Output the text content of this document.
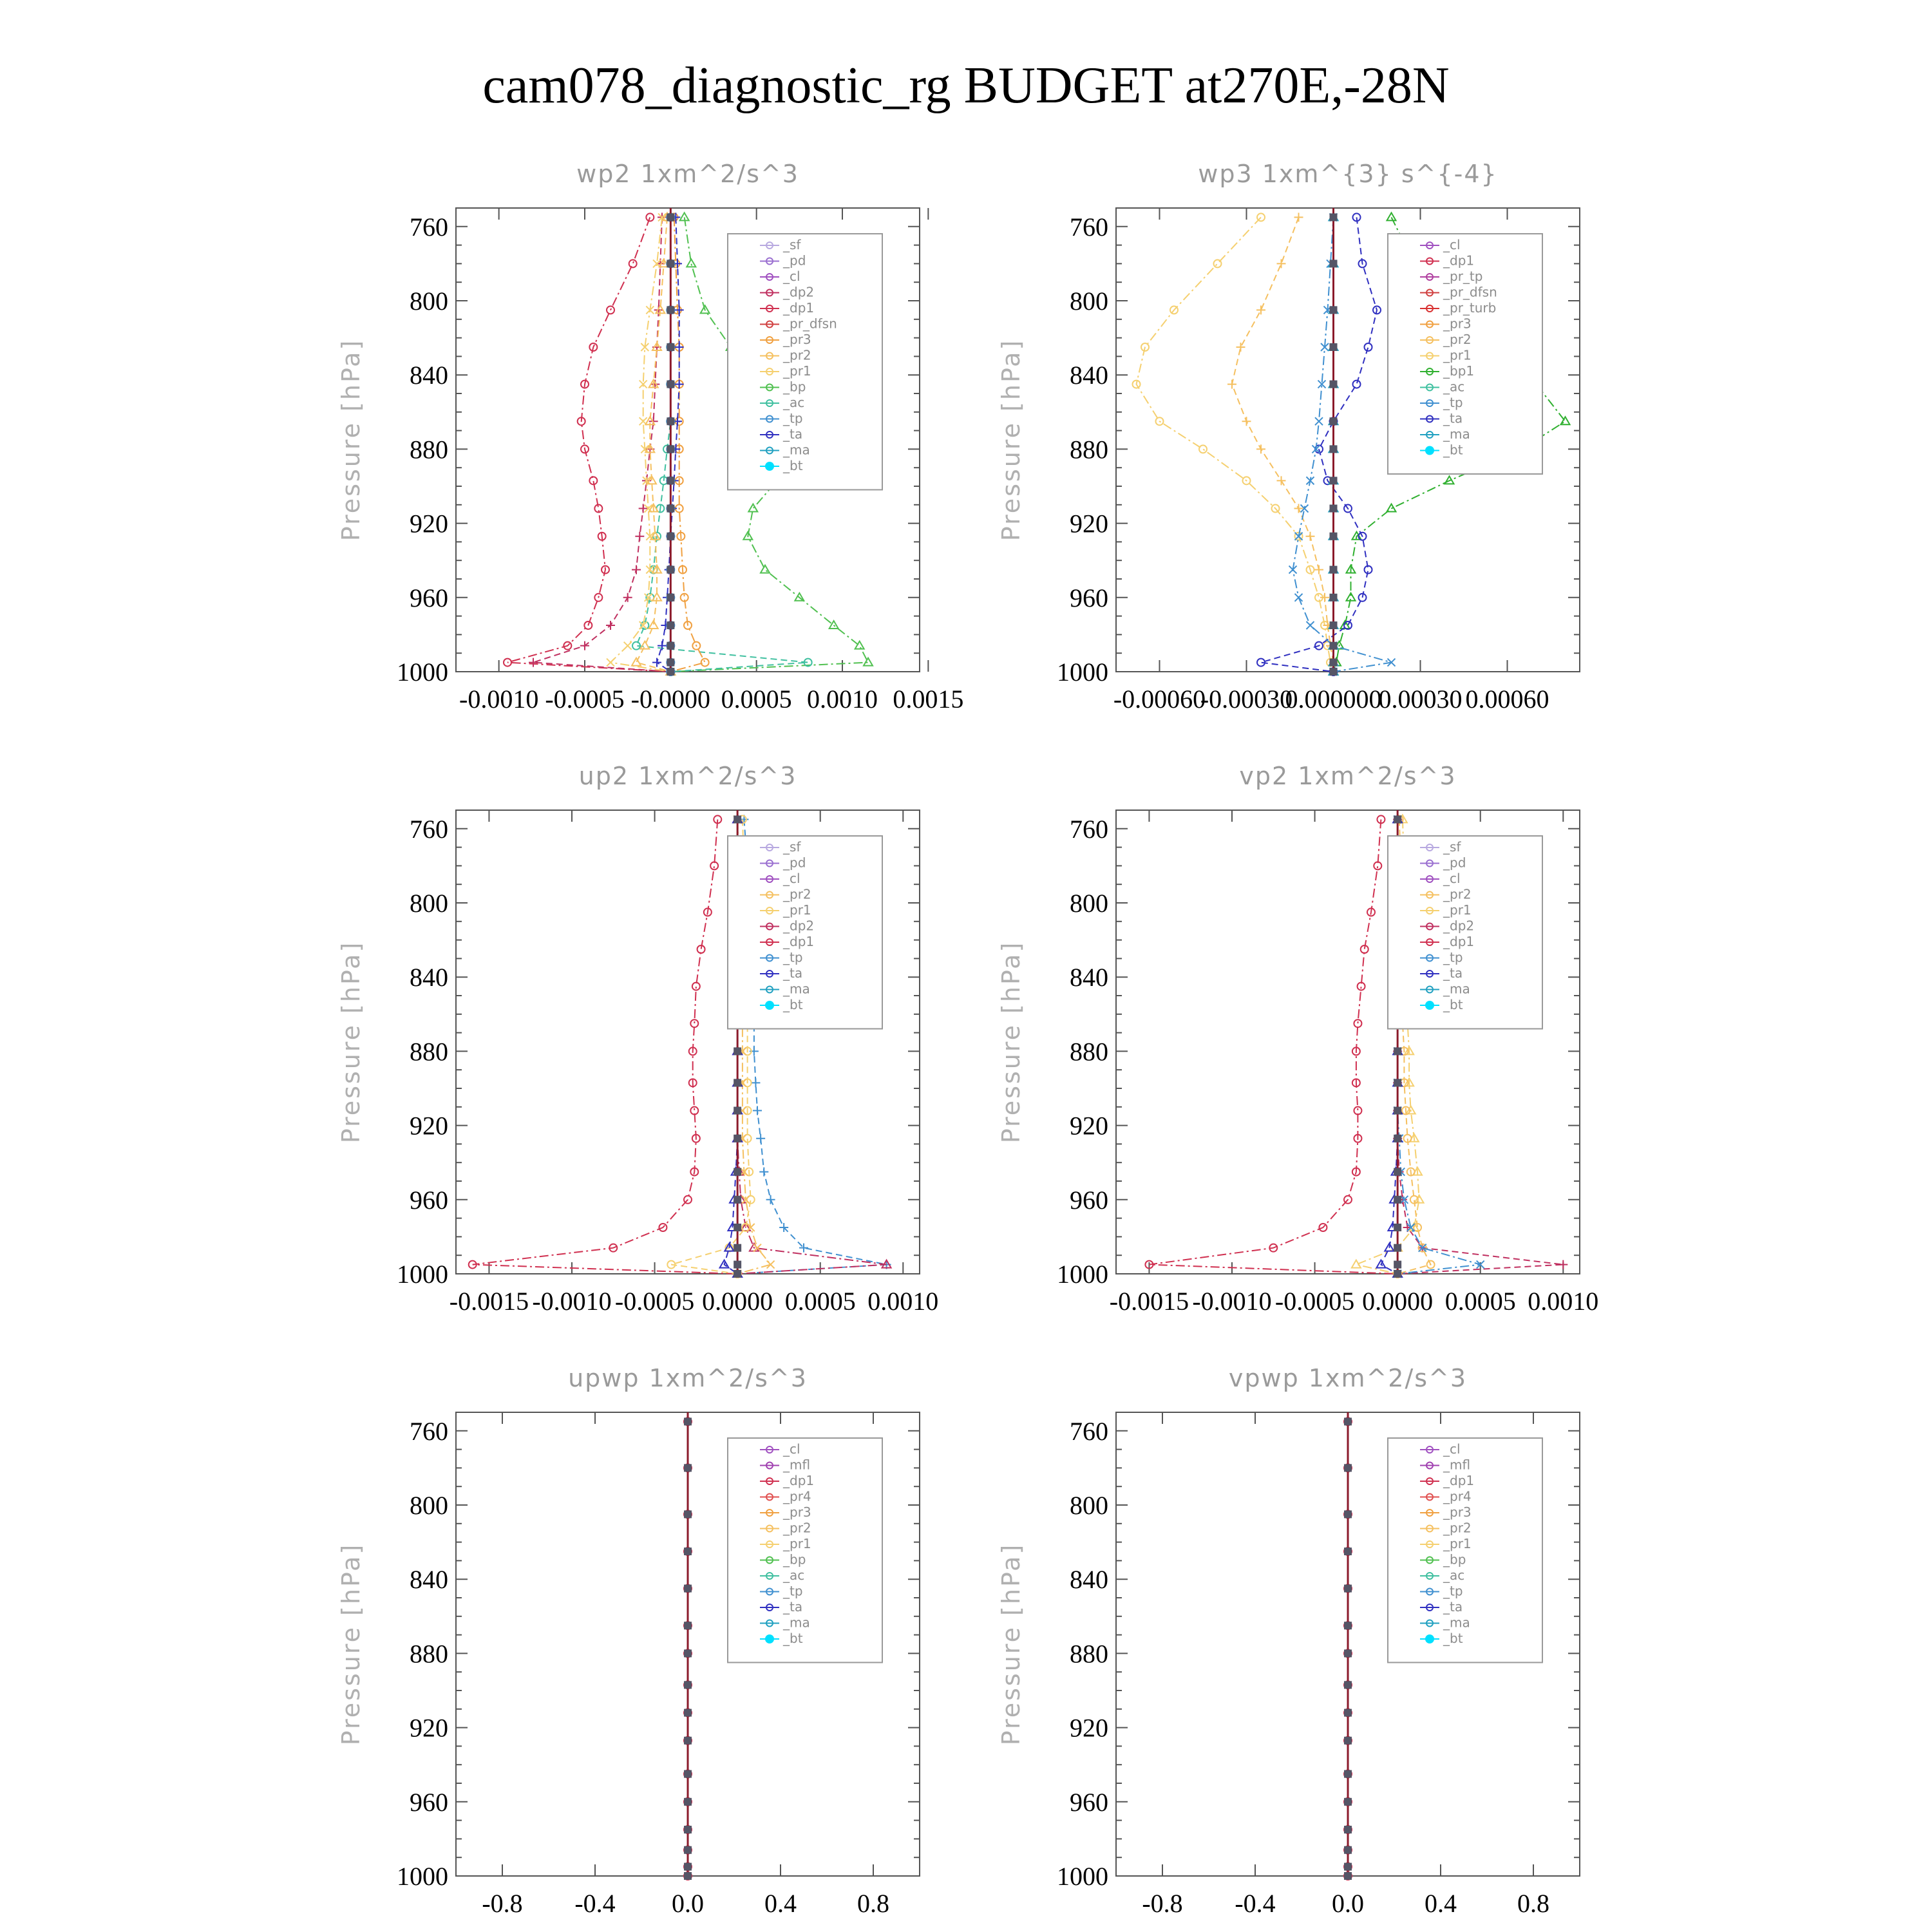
cam078_diagnostic_rg BUDGET at270E,-28N
wp2 1xm^2/s^3
Pressure [hPa]
760
800
840
880
920
960
1000
-0.0010 -0.0005 -0.0000 0.0005 0.0010 0.0015
_sf
_pd
_cl
_dp2
_dp1
_pr_dfsn
_pr3
_pr2
_pr1
_bp
_ac
_tp
_ta
_ma
_bt
wp3 1xm^{3} s^{-4}
Pressure [hPa]
760
800
840
880
920
960
1000
-0.00060
-0.00030
0.000000
0.00030 0.00060
_cl
_dp1
_pr_tp
_pr_dfsn
_pr_turb
_pr3
_pr2
_pr1
_bp1
_ac
_tp
_ta
_ma
_bt
up2 1xm^2/s^3
Pressure [hPa]
760
800
840
880
920
960
1000
-0.0015 -0.0010 -0.0005 0.0000 0.0005 0.0010
_sf
_pd
_cl
_pr2
_pr1
_dp2
_dp1
_tp
_ta
_ma
_bt
vp2 1xm^2/s^3
Pressure [hPa]
760
800
840
880
920
960
1000
-0.0015 -0.0010 -0.0005 0.0000 0.0005 0.0010
_sf
_pd
_cl
_pr2
_pr1
_dp2
_dp1
_tp
_ta
_ma
_bt
upwp 1xm^2/s^3
Pressure [hPa]
760
800
840
880
920
960
1000
-0.8 -0.4 0.0 0.4 0.8
_cl
_mfl
_dp1
_pr4
_pr3
_pr2
_pr1
_bp
_ac
_tp
_ta
_ma
_bt
vpwp 1xm^2/s^3
Pressure [hPa]
760
800
840
880
920
960
1000
-0.8 -0.4 0.0 0.4 0.8
_cl
_mfl
_dp1
_pr4
_pr3
_pr2
_pr1
_bp
_ac
_tp
_ta
_ma
_bt
